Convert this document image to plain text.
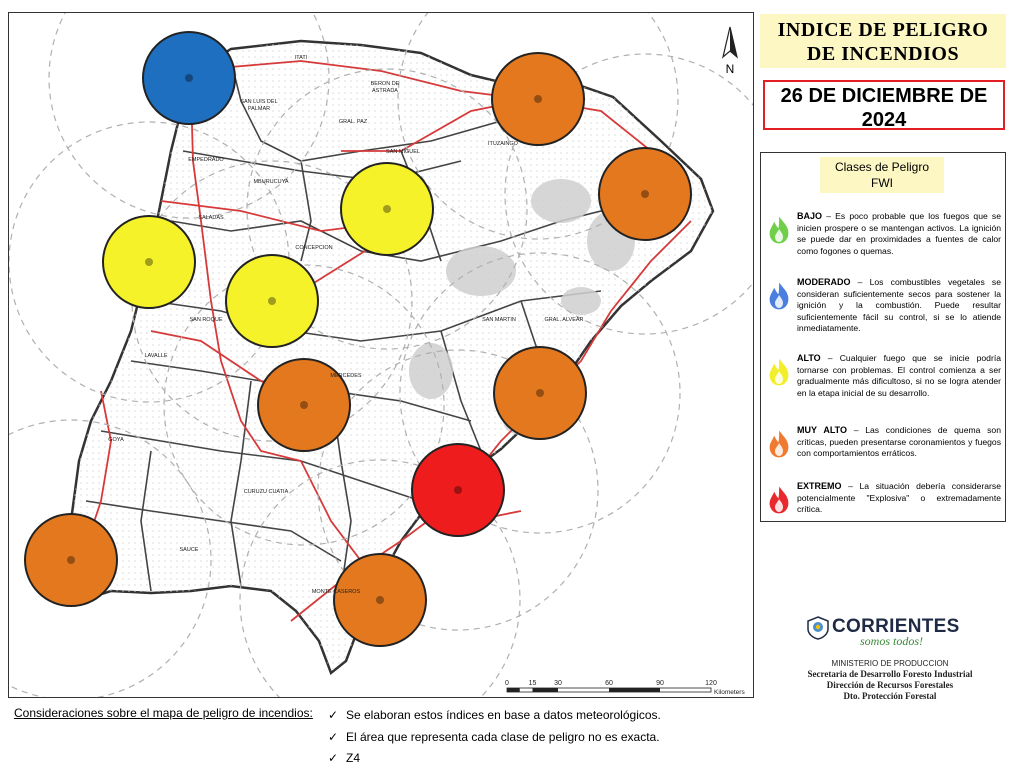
ITATI
BERON DE ASTRADA
SAN LUIS DEL PALMAR
GRAL. PAZ
SAN MIGUEL
ITUZAINGO
EMPEDRADO
MBURUCUYA
SALADAS
CONCEPCION
SAN ROQUE	SAN MARTIN	GRAL. ALVEAR
LAVALLE
MERCEDES
GOYA
CURUZU CUATIA
SAUCE
MONTE CASEROS
N
0	15	30	60	90	120
Kilometers
INDICE DE PELIGRO
DE INCENDIOS
26 DE DICIEMBRE DE
2024
Clases de Peligro
FWI
BAJO – Es poco probable que los fuegos que se inicien prospere o se mantengan activos. La ignición se puede dar en proximidades a fuentes de calor como fogones o quemas.
MODERADO – Los combustibles vegetales se consideran suficientemente secos para sostener la ignición y la combustión. Puede resultar suficientemente fácil su control, si se lo atiende inmediatamente.
ALTO – Cualquier fuego que se inicie podría tornarse con problemas. El control comienza a ser gradualmente más dificultoso, si no se logra atender en la etapa inicial de su desarrollo.
MUY ALTO – Las condiciones de quema son críticas, pueden presentarse coronamientos y fuegos con comportamientos erráticos.
EXTREMO – La situación debería considerarse potencialmente "Explosiva" o extremadamente crítica.
CORRIENTES
somos todos!
MINISTERIO DE PRODUCCION
Secretaria de Desarrollo Foresto Industrial
Dirección de Recursos Forestales
Dto. Protección Forestal
Consideraciones sobre el mapa de peligro de incendios: ✓ Se elaboran estos índices en base a datos meteorológicos.
✓ El área que representa cada clase de peligro no es exacta.
✓ Z4
